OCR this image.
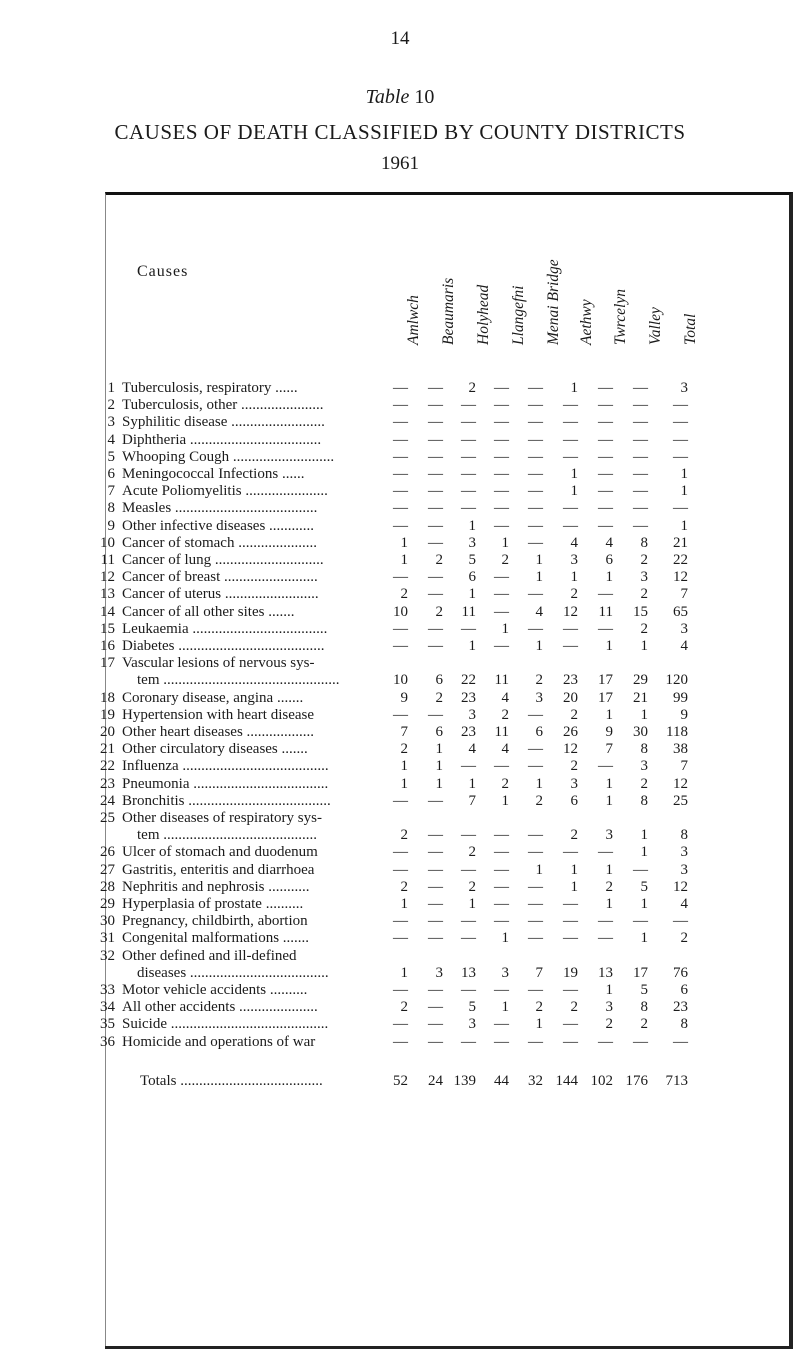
14
Table 10
CAUSES OF DEATH CLASSIFIED BY COUNTY DISTRICTS
1961
Causes
Amlwch Beaumaris Holyhead Llangefni Menai Bridge Aethwy Twrcelyn Valley Total
1 Tuberculosis, respiratory ......	—	—	2	—	—	1	—	—	3
2 Tuberculosis, other ......................	—	—	—	—	—	—	—	—	—
3 Syphilitic disease .........................	—	—	—	—	—	—	—	—	—
4 Diphtheria ...................................	—	—	—	—	—	—	—	—	—
5 Whooping Cough ...........................	—	—	—	—	—	—	—	—	—
6 Meningococcal Infections ......	—	—	—	—	—	1	—	—	1
7 Acute Poliomyelitis ......................	—	—	—	—	—	1	—	—	1
8 Measles ......................................	—	—	—	—	—	—	—	—	—
9 Other infective diseases ............	—	—	1	—	—	—	—	—	1
10 Cancer of stomach .....................	1	—	3	1	—	4	4	8	21
11 Cancer of lung .............................	1	2	5	2	1	3	6	2	22
12 Cancer of breast .........................	—	—	6	—	1	1	1	3	12
13 Cancer of uterus .........................	2	—	1	—	—	2	—	2	7
14 Cancer of all other sites .......	10	2	11	—	4	12	11	15	65
15 Leukaemia ....................................	—	—	—	1	—	—	—	2	3
16 Diabetes .......................................	—	—	1	—	1	—	1	1	4
17 Vascular lesions of nervous sys-
tem ...............................................	10	6	22	11	2	23	17	29 120
18 Coronary disease, angina .......	9	2	23	4	3	20	17	21	99
19 Hypertension with heart disease	—	—	3	2	—	2	1	1	9
20 Other heart diseases ..................	7	6	23	11	6	26	9	30 118
21 Other circulatory diseases .......	2	1	4	4	—	12	7	8	38
22 Influenza .......................................	1	1	—	—	—	2	—	3	7
23 Pneumonia ....................................	1	1	1	2	1	3	1	2	12
24 Bronchitis ......................................	—	—	7	1	2	6	1	8	25
25 Other diseases of respiratory sys-
tem .........................................	2	—	—	—	—	2	3	1	8
26 Ulcer of stomach and duodenum	—	—	2	—	—	—	—	1	3
27 Gastritis, enteritis and diarrhoea	—	—	—	—	1	1	1	—	3
28 Nephritis and nephrosis ...........	2	—	2	—	—	1	2	5	12
29 Hyperplasia of prostate ..........	1	—	1	—	—	—	1	1	4
30 Pregnancy, childbirth, abortion	—	—	—	—	—	—	—	—	—
31 Congenital malformations .......	—	—	—	1	—	—	—	1	2
32 Other defined and ill-defined
diseases .....................................	1	3	13	3	7	19	13	17	76
33 Motor vehicle accidents ..........	—	—	—	—	—	—	1	5	6
34 All other accidents .....................	2	—	5	1	2	2	3	8	23
35 Suicide ..........................................	—	—	3	—	1	—	2	2	8
36 Homicide and operations of war	—	—	—	—	—	—	—	—	—
Totals ......................................	52	24 139	44	32 144 102 176 713
